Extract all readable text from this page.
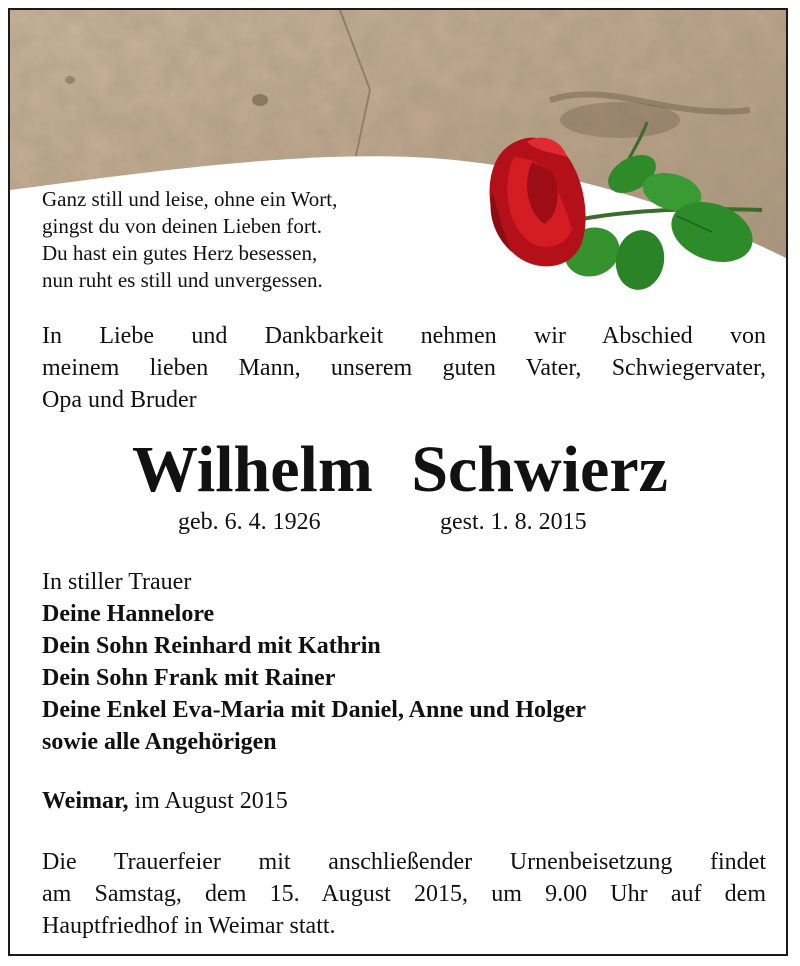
Ganz still und leise, ohne ein Wort,
gingst du von deinen Lieben fort.
Du hast ein gutes Herz besessen,
nun ruht es still und unvergessen.
In Liebe und Dankbarkeit nehmen wir Abschied von
meinem lieben Mann, unserem guten Vater, Schwiegervater,
Opa und Bruder
Wilhelm Schwierz
geb. 6. 4. 1926	gest. 1. 8. 2015
In stiller Trauer
Deine Hannelore
Dein Sohn Reinhard mit Kathrin
Dein Sohn Frank mit Rainer
Deine Enkel Eva-Maria mit Daniel, Anne und Holger
sowie alle Angehörigen
Weimar, im August 2015
Die Trauerfeier mit anschließender Urnenbeisetzung findet
am Samstag, dem 15. August 2015, um 9.00 Uhr auf dem
Hauptfriedhof in Weimar statt.
